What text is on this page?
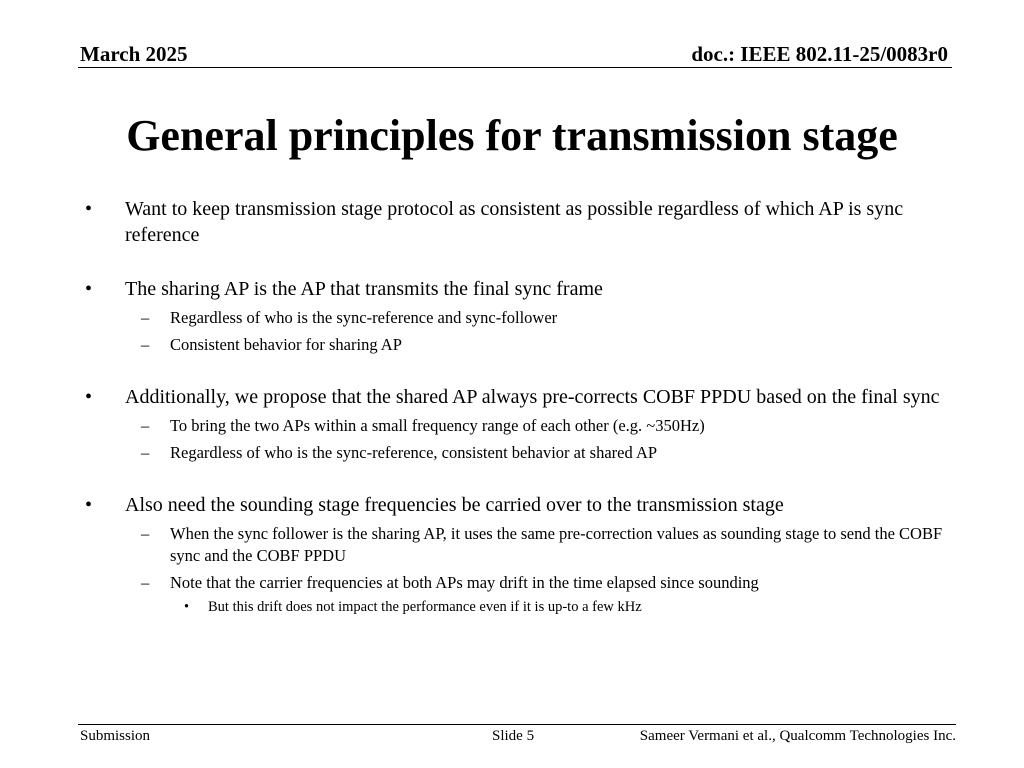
March 2025	doc.: IEEE 802.11-25/0083r0
General principles for transmission stage
• Want to keep transmission stage protocol as consistent as possible regardless of which AP is sync reference
• The sharing AP is the AP that transmits the final sync frame
– Regardless of who is the sync-reference and sync-follower
– Consistent behavior for sharing AP
• Additionally, we propose that the shared AP always pre-corrects COBF PPDU based on the final sync
– To bring the two APs within a small frequency range of each other (e.g. ~350Hz)
– Regardless of who is the sync-reference, consistent behavior at shared AP
• Also need the sounding stage frequencies be carried over to the transmission stage
– When the sync follower is the sharing AP, it uses the same pre-correction values as sounding stage to send the COBF sync and the COBF PPDU
– Note that the carrier frequencies at both APs may drift in the time elapsed since sounding
• But this drift does not impact the performance even if it is up-to a few kHz
Submission	Slide 5	Sameer Vermani et al., Qualcomm Technologies Inc.
